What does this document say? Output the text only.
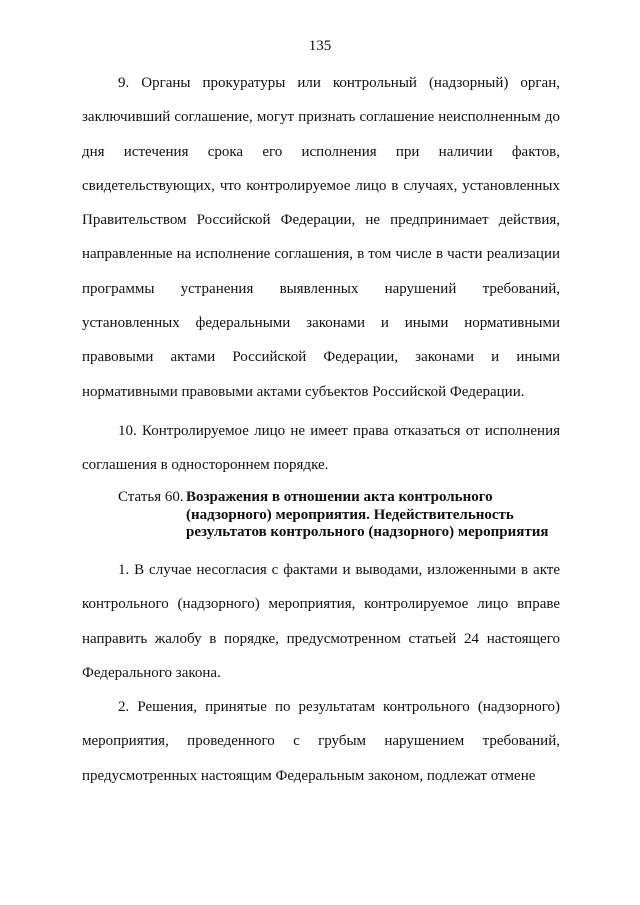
135

9. Органы прокуратуры или контрольный (надзорный) орган, заключивший соглашение, могут признать соглашение неисполненным до дня истечения срока его исполнения при наличии фактов, свидетельствующих, что контролируемое лицо в случаях, установленных Правительством Российской Федерации, не предпринимает действия, направленные на исполнение соглашения, в том числе в части реализации программы устранения выявленных нарушений требований, установленных федеральными законами и иными нормативными правовыми актами Российской Федерации, законами и иными нормативными правовыми актами субъектов Российской Федерации.

10. Контролируемое лицо не имеет права отказаться от исполнения соглашения в одностороннем порядке.

Статья 60. Возражения в отношении акта контрольного
(надзорного) мероприятия. Недействительность
результатов контрольного (надзорного) мероприятия

1. В случае несогласия с фактами и выводами, изложенными в акте контрольного (надзорного) мероприятия, контролируемое лицо вправе направить жалобу в порядке, предусмотренном статьей 24 настоящего Федерального закона.

2. Решения, принятые по результатам контрольного (надзорного) мероприятия, проведенного с грубым нарушением требований, предусмотренных настоящим Федеральным законом, подлежат отмене
